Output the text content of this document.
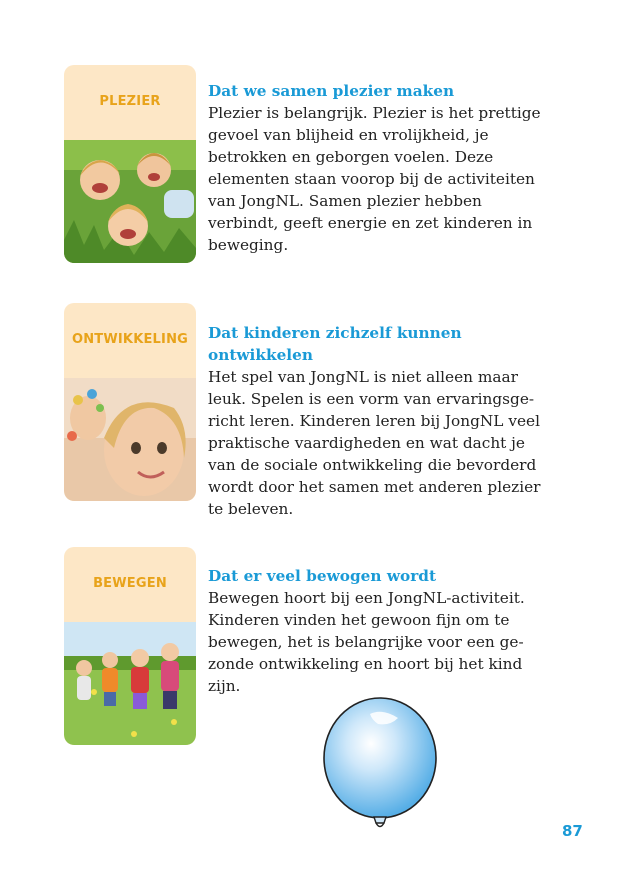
PLEZIER

Dat we samen plezier maken

Plezier is belangrijk. Plezier is het prettige

gevoel van blijheid en vrolijkheid, je

betrokken en geborgen voelen. Deze

elementen staan voorop bij de activiteiten

van JongNL. Samen plezier hebben

verbindt, geeft energie en zet kinderen in

beweging.

ONTWIKKELING	Dat kinderen zichzelf kunnen

ontwikkelen

Het spel van JongNL is niet alleen maar

leuk. Spelen is een vorm van ervaringsge-

richt leren. Kinderen leren bij JongNL veel

praktische vaardigheden en wat dacht je

van de sociale ontwikkeling die bevorderd

wordt door het samen met anderen plezier

te beleven.

BEWEGEN	Dat er veel bewogen wordt

Bewegen hoort bij een JongNL-activiteit.

Kinderen vinden het gewoon fijn om te

bewegen, het is belangrijke voor een ge-

zonde ontwikkeling en hoort bij het kind

zijn.

87
